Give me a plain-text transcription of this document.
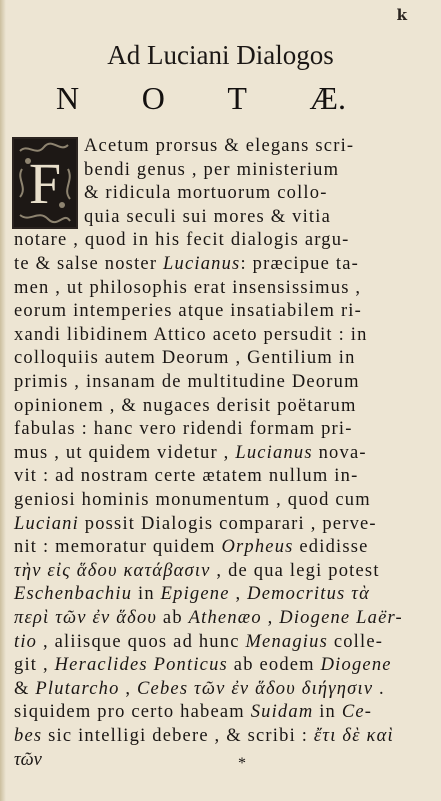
k
Ad Luciani Dialogos
N O T Æ.
F
Acetum prorsus & elegans scri-
bendi genus , per ministerium
& ridicula mortuorum collo-
quia seculi sui mores & vitia
notare , quod in his fecit dialogis argu-
te & salse noster Lucianus: præcipue ta-
men , ut philosophis erat insensissimus ,
eorum intemperies atque insatiabilem ri-
xandi libidinem Attico aceto persudit : in
colloquiis autem Deorum , Gentilium in
primis , insanam de multitudine Deorum
opinionem , & nugaces derisit poëtarum
fabulas : hanc vero ridendi formam pri-
mus , ut quidem videtur , Lucianus nova-
vit : ad nostram certe ætatem nullum in-
geniosi hominis monumentum , quod cum
Luciani possit Dialogis comparari , perve-
nit : memoratur quidem Orpheus edidisse
τὴν εἰς ἅδου κατάβασιν , de qua legi potest
Eschenbachiu in Epigene , Democritus τὰ
περὶ τῶν ἐν ἅδου ab Athenæo , Diogene Laër-
tio , aliisque quos ad hunc Menagius colle-
git , Heraclides Ponticus ab eodem Diogene
& Plutarcho , Cebes τῶν ἐν ἅδου διήγησιν .
siquidem pro certo habeam Suidam in Ce-
bes sic intelligi debere , & scribi : ἔτι δὲ καὶ
τῶν	*
